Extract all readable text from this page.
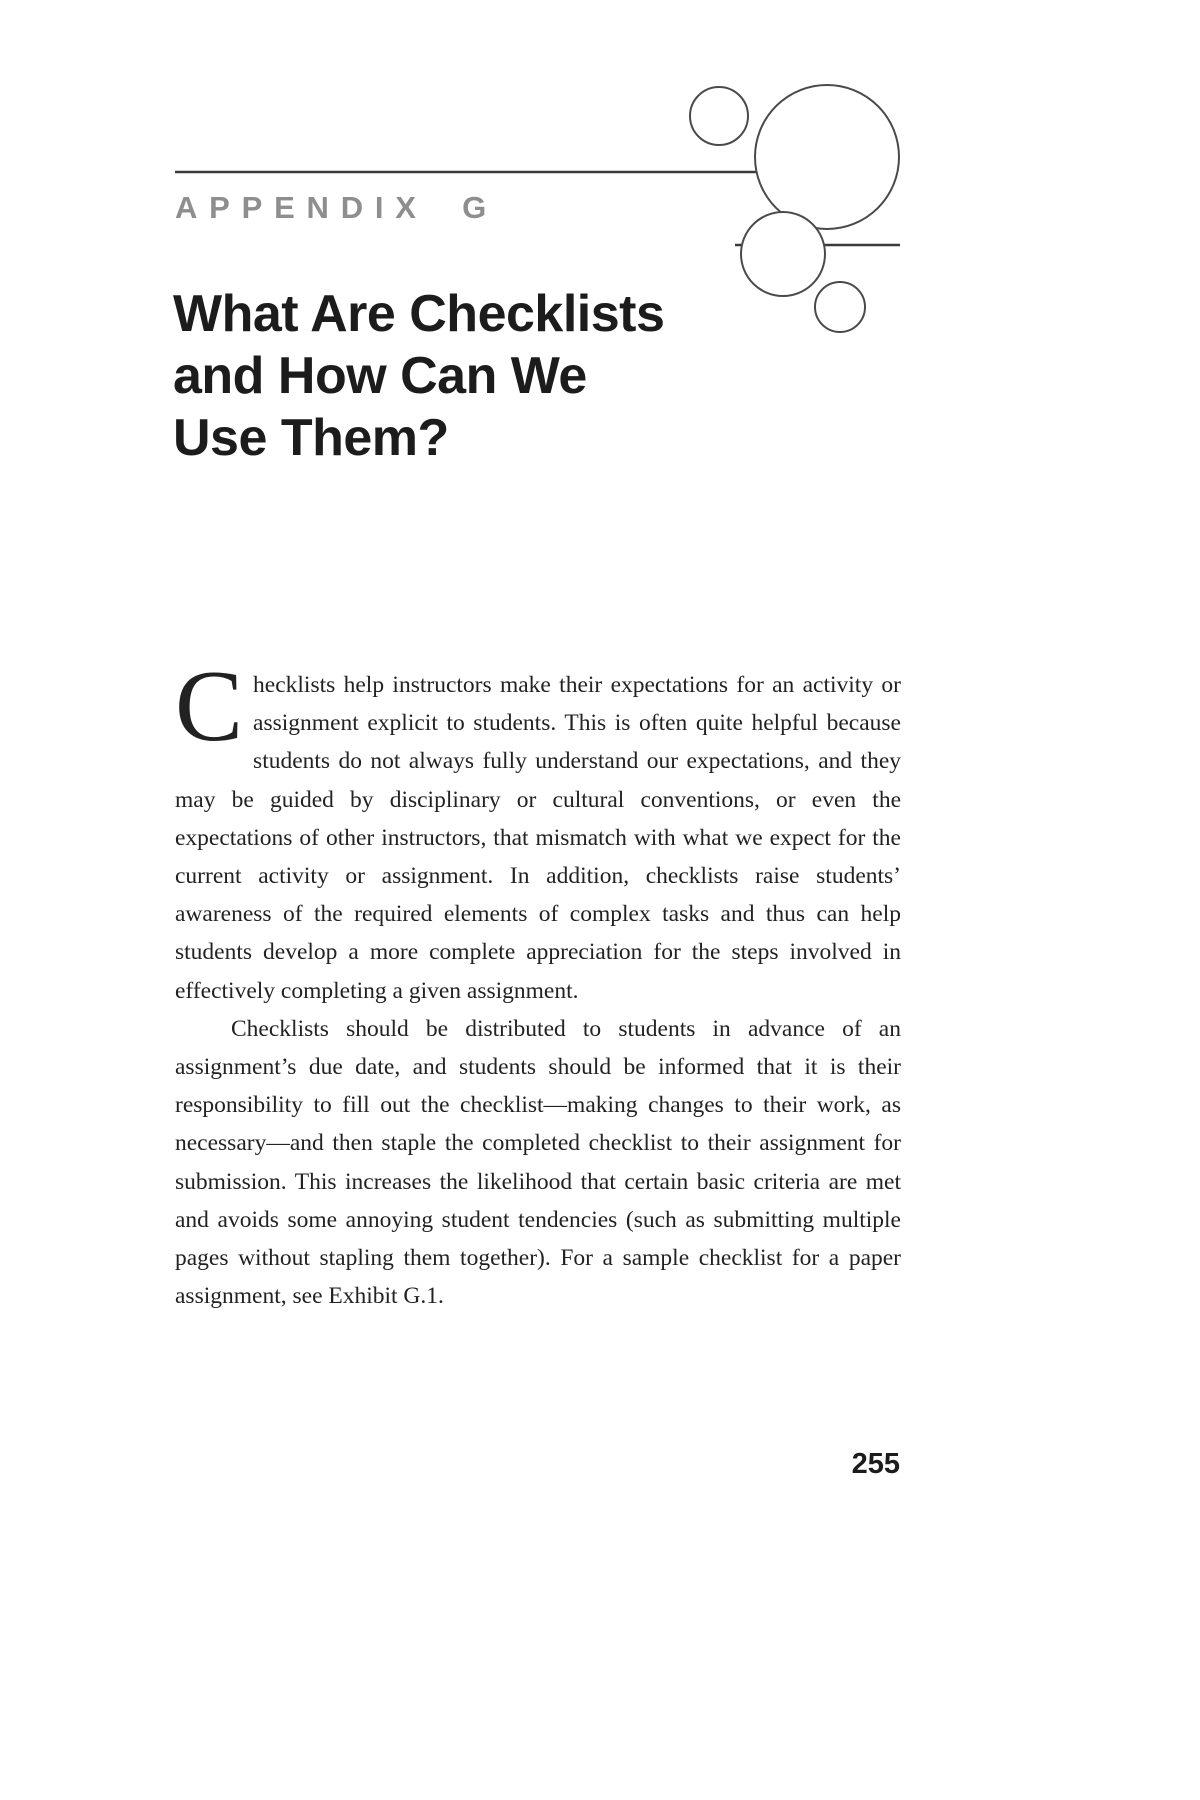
APPENDIX G
What Are Checklists
and How Can We
Use Them?

Checklists help instructors make their expectations for an activity or assignment explicit to students. This is often quite helpful because students do not always fully understand our expectations, and they may be guided by disciplinary or cultural conventions, or even the expectations of other instructors, that mismatch with what we expect for the current activity or assignment. In addition, checklists raise students’ awareness of the required elements of complex tasks and thus can help students develop a more complete appreciation for the steps involved in effectively completing a given assignment.

Checklists should be distributed to students in advance of an assignment’s due date, and students should be informed that it is their responsibility to fill out the checklist—making changes to their work, as necessary—and then staple the completed checklist to their assignment for submission. This increases the likelihood that certain basic criteria are met and avoids some annoying student tendencies (such as submitting multiple pages without stapling them together). For a sample checklist for a paper assignment, see Exhibit G.1.

255
